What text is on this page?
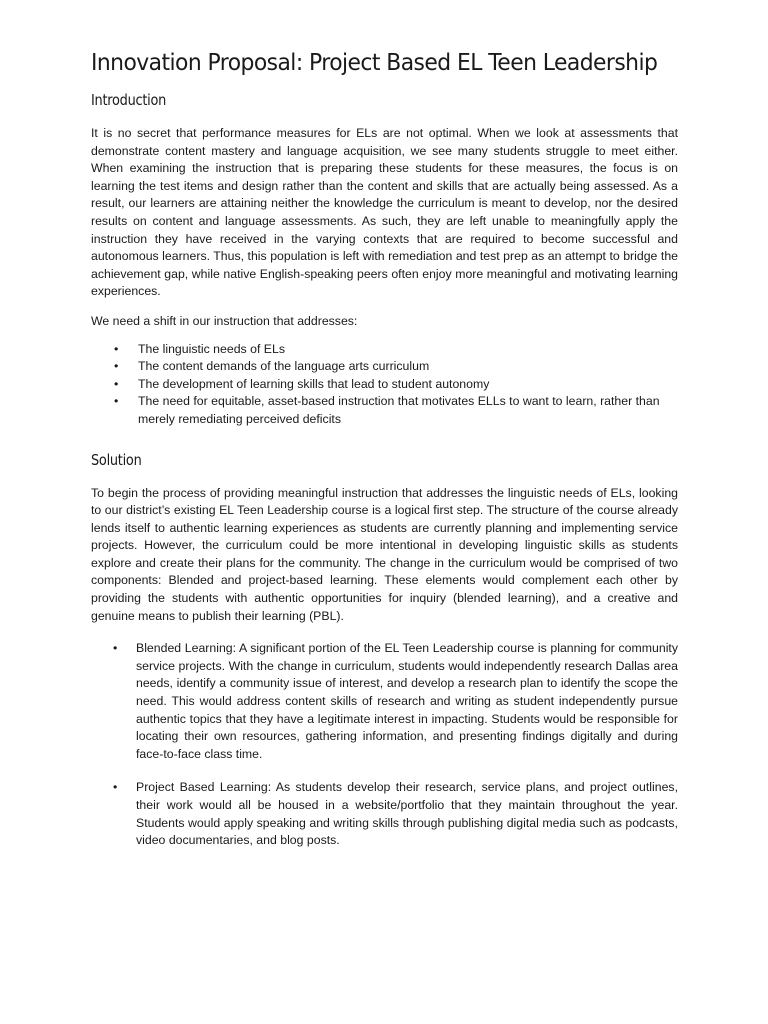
Innovation Proposal: Project Based EL Teen Leadership
Introduction

It is no secret that performance measures for ELs are not optimal. When we look at assessments that demonstrate content mastery and language acquisition, we see many students struggle to meet either. When examining the instruction that is preparing these students for these measures, the focus is on learning the test items and design rather than the content and skills that are actually being assessed. As a result, our learners are attaining neither the knowledge the curriculum is meant to develop, nor the desired results on content and language assessments. As such, they are left unable to meaningfully apply the instruction they have received in the varying contexts that are required to become successful and autonomous learners. Thus, this population is left with remediation and test prep as an attempt to bridge the achievement gap, while native English-speaking peers often enjoy more meaningful and motivating learning experiences.

We need a shift in our instruction that addresses:

• The linguistic needs of ELs
• The content demands of the language arts curriculum
• The development of learning skills that lead to student autonomy
• The need for equitable, asset-based instruction that motivates ELLs to want to learn, rather than merely remediating perceived deficits
Solution

To begin the process of providing meaningful instruction that addresses the linguistic needs of ELs, looking to our district’s existing EL Teen Leadership course is a logical first step. The structure of the course already lends itself to authentic learning experiences as students are currently planning and implementing service projects. However, the curriculum could be more intentional in developing linguistic skills as students explore and create their plans for the community. The change in the curriculum would be comprised of two components: Blended and project-based learning. These elements would complement each other by providing the students with authentic opportunities for inquiry (blended learning), and a creative and genuine means to publish their learning (PBL).

• Blended Learning: A significant portion of the EL Teen Leadership course is planning for community service projects. With the change in curriculum, students would independently research Dallas area needs, identify a community issue of interest, and develop a research plan to identify the scope the need. This would address content skills of research and writing as student independently pursue authentic topics that they have a legitimate interest in impacting. Students would be responsible for locating their own resources, gathering information, and presenting findings digitally and during face-to-face class time.
• Project Based Learning: As students develop their research, service plans, and project outlines, their work would all be housed in a website/portfolio that they maintain throughout the year. Students would apply speaking and writing skills through publishing digital media such as podcasts, video documentaries, and blog posts.
